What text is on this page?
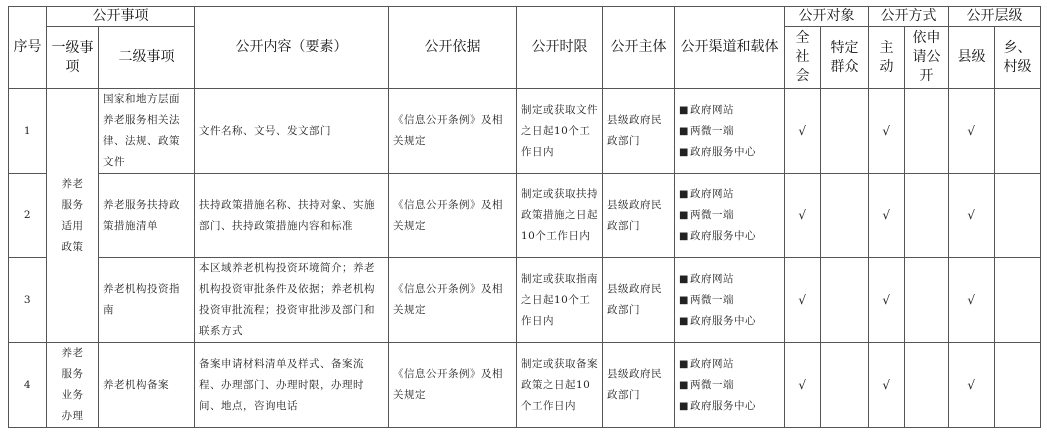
序号	公开事项		公开内容（要素）	公开依据	公开时限	公开主体	公开渠道和载体	公开对象		公开方式		公开层级	
	一级事项	二级事项						全社会	特定群众	主动	依申请公开	县级	乡、村级
1	养老服务适用政策	国家和地方层面养老服务相关法律、法规、政策文件	文件名称、文号、发文部门	《信息公开条例》及相关规定	制定或获取文件之日起10个工作日内	县级政府民政部门	■政府网站
■两微一端
■政府服务中心	√		√		√	
2		养老服务扶持政策措施清单	扶持政策措施名称、扶持对象、实施部门、扶持政策措施内容和标准	《信息公开条例》及相关规定	制定或获取扶持政策措施之日起10个工作日内	县级政府民政部门	■政府网站
■两微一端
■政府服务中心	√		√		√	
3		养老机构投资指南	本区域养老机构投资环境简介；养老机构投资审批条件及依据；养老机构投资审批流程；投资审批涉及部门和联系方式	《信息公开条例》及相关规定	制定或获取指南之日起10个工作日内	县级政府民政部门	■政府网站
■两微一端
■政府服务中心	√		√		√	
4	养老服务业务办理	养老机构备案	备案申请材料清单及样式、备案流程、办理部门、办理时限，办理时间、地点，咨询电话	《信息公开条例》及相关规定	制定或获取备案政策之日起10个工作日内	县级政府民政部门	■政府网站
■两微一端
■政府服务中心	√		√		√	
